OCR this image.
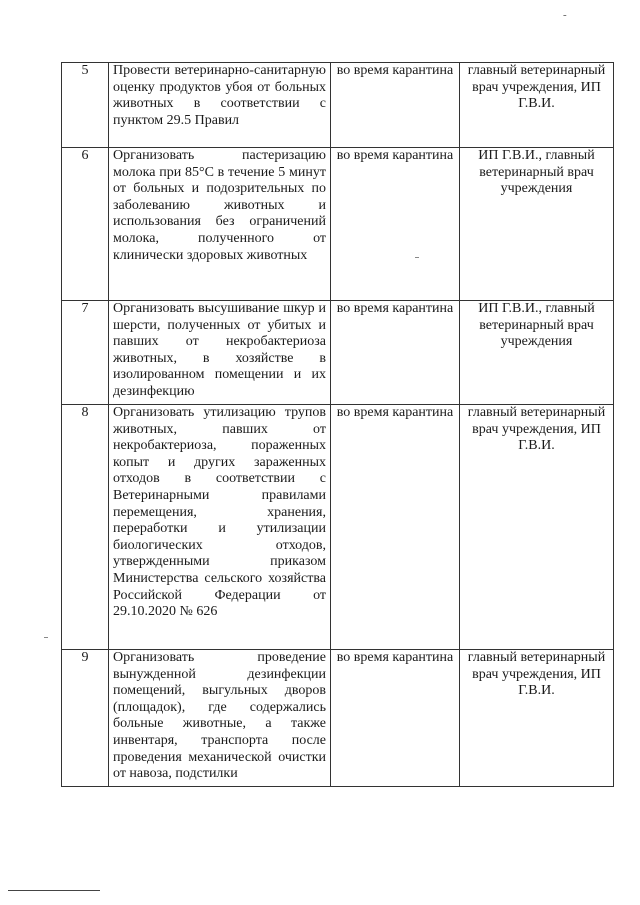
-
5	Провести ветеринарно-санитарную оценку продуктов убоя от больных животных в соответствии с пунктом 29.5 Правил	во время карантина	главный ветеринарный врач учреждения, ИП Г.В.И.
6	Организовать пастеризацию молока при 85°С в течение 5 минут от больных и подозрительных по заболеванию животных и использования без ограничений молока, полученного от клинически здоровых животных	во время карантина	ИП Г.В.И., главный ветеринарный врач учреждения
7	Организовать высушивание шкур и шерсти, полученных от убитых и павших от некробактериоза животных, в хозяйстве в изолированном помещении и их дезинфекцию	во время карантина	ИП Г.В.И., главный ветеринарный врач учреждения
8	Организовать утилизацию трупов животных, павших от некробактериоза, пораженных копыт и других зараженных отходов в соответствии с Ветеринарными правилами перемещения, хранения, переработки и утилизации биологических отходов, утвержденными приказом Министерства сельского хозяйства Российской Федерации от 29.10.2020 № 626	во время карантина	главный ветеринарный врач учреждения, ИП Г.В.И.
9	Организовать проведение вынужденной дезинфекции помещений, выгульных дворов (площадок), где содержались больные животные, а также инвентаря, транспорта после проведения механической очистки от навоза, подстилки	во время карантина	главный ветеринарный врач учреждения, ИП Г.В.И.
